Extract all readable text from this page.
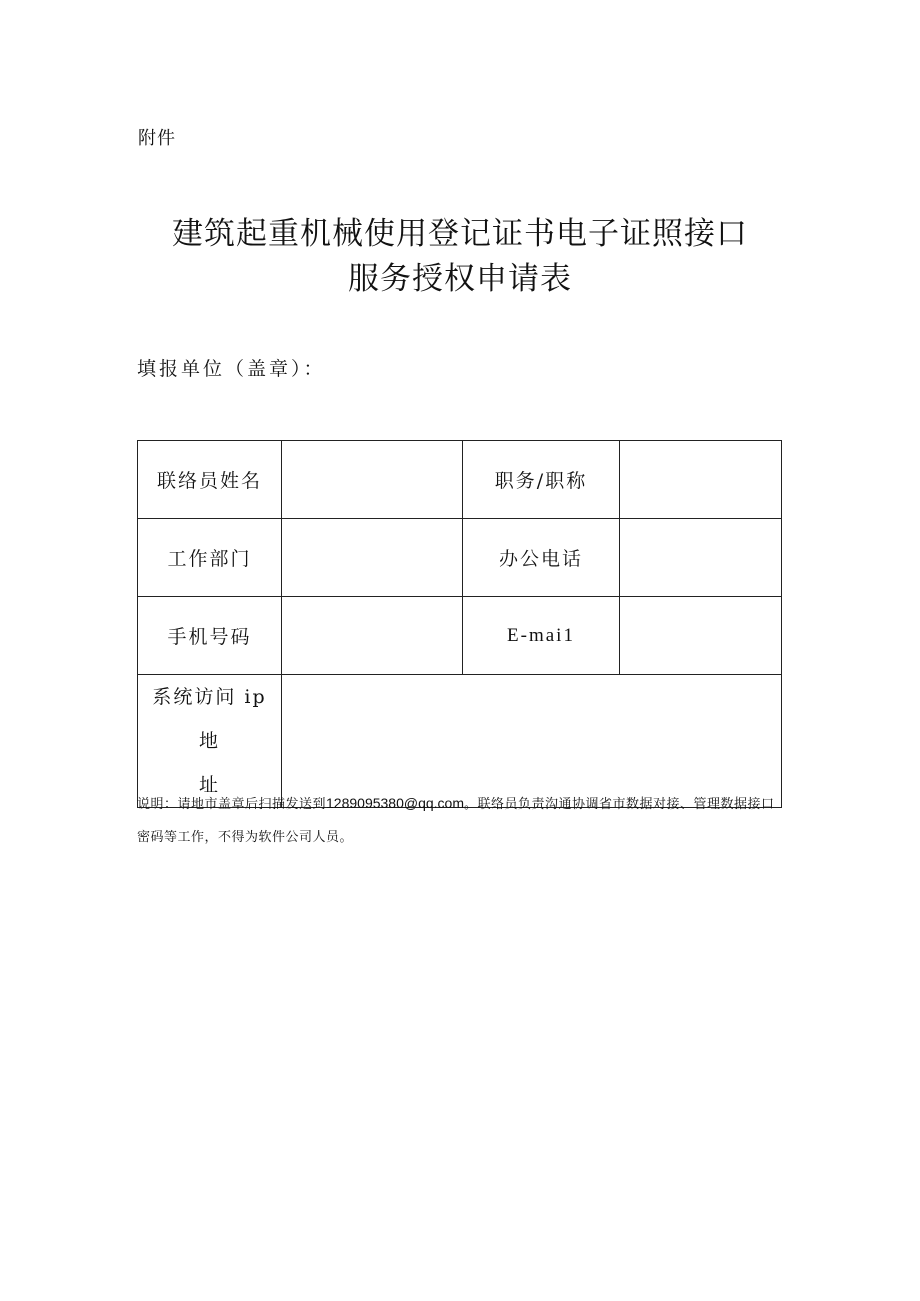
附件
建筑起重机械使用登记证书电子证照接口
服务授权申请表
填报单位（盖章）：
联络员姓名		职务/职称	
工作部门		办公电话	
手机号码		E-mai1	

系统访问 ip 地
址			

说明：请地市盖章后扫描发送到1289095380@qq.com。联络员负责沟通协调省市数据对接、管理数据接口密码等工作，不得为软件公司人员。
